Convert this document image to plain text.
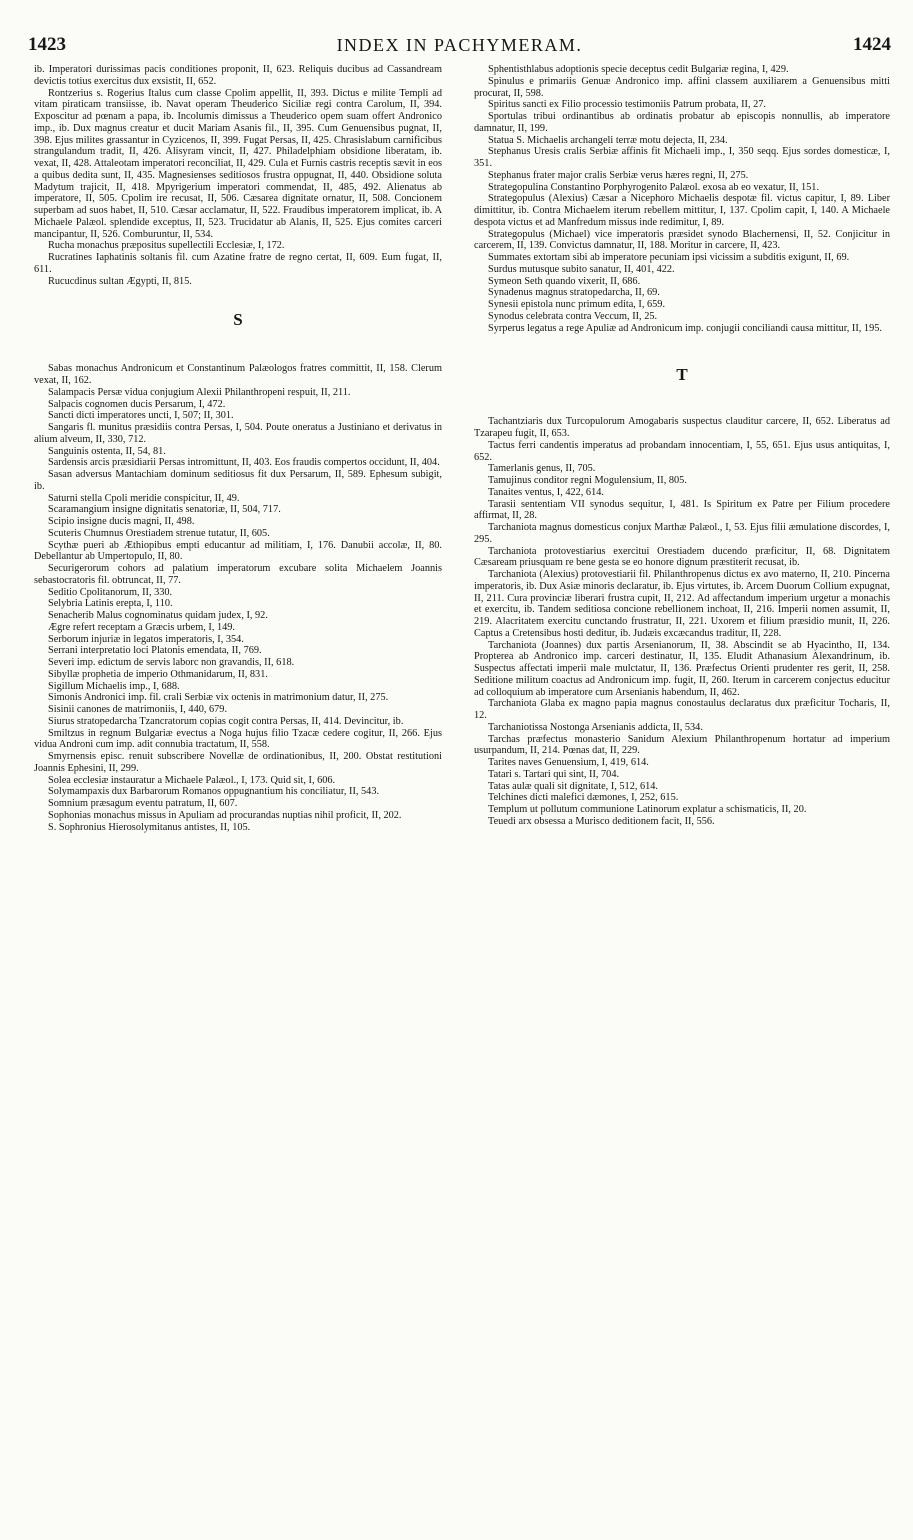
1423	INDEX IN PACHYMERAM.	1424

ib. Imperatori durissimas pacis conditiones proponit, II, 623. Reliquis ducibus ad Cassandream devictis totius exercitus dux exsistit, II, 652.

Rontzerius s. Rogerius Italus cum classe Cpolim appellit, II, 393. Dictus e milite Templi ad vitam piraticam transiisse, ib. Navat operam Theuderico Siciliæ regi contra Carolum, II, 394. Exposcitur ad pœnam a papa, ib. Incolumis dimissus a Theuderico opem suam offert Andronico imp., ib. Dux magnus creatur et ducit Mariam Asanis fil., II, 395. Cum Genuensibus pugnat, II, 398. Ejus milites grassantur in Cyzicenos, II, 399. Fugat Persas, II, 425. Chrasislabum carnificibus strangulandum tradit, II, 426. Alisyram vincit, II, 427. Philadelphiam obsidione liberatam, ib. vexat, II, 428. Attaleotam imperatori reconciliat, II, 429. Cula et Furnis castris receptis sævit in eos a quibus dedita sunt, II, 435. Magnesienses seditiosos frustra oppugnat, II, 440. Obsidione soluta Madytum trajicit, II, 418. Mpyrigerium imperatori commendat, II, 485, 492. Alienatus ab imperatore, II, 505. Cpolim ire recusat, II, 506. Cæsarea dignitate ornatur, II, 508. Concionem superbam ad suos habet, II, 510. Cæsar acclamatur, II, 522. Fraudibus imperatorem implicat, ib. A Michaele Palæol. splendide exceptus, II, 523. Trucidatur ab Alanis, II, 525. Ejus comites carceri mancipantur, II, 526. Comburuntur, II, 534.

Rucha monachus præpositus supellectili Ecclesiæ, I, 172.

Rucratines Iaphatinis soltanis fil. cum Azatine fratre de regno certat, II, 609. Eum fugat, II, 611.

Rucucdinus sultan Ægypti, II, 815.

S

Sabas monachus Andronicum et Constantinum Palæologos fratres committit, II, 158. Clerum vexat, II, 162.

Salampacis Persæ vidua conjugium Alexii Philanthropeni respuit, II, 211.

Salpacis cognomen ducis Persarum, I, 472.

Sancti dicti imperatores uncti, I, 507; II, 301.

Sangaris fl. munitus præsidiis contra Persas, I, 504. Poute oneratus a Justiniano et derivatus in alium alveum, II, 330, 712.

Sanguinis ostenta, II, 54, 81.

Sardensis arcis præsidiarii Persas intromittunt, II, 403. Eos fraudis compertos occidunt, II, 404.

Sasan adversus Mantachiam dominum seditiosus fit dux Persarum, II, 589. Ephesum subigit, ib.

Saturni stella Cpoli meridie conspicitur, II, 49.

Scaramangium insigne dignitatis senatoriæ, II, 504, 717.

Scipio insigne ducis magni, II, 498.

Scuteris Chumnus Orestiadem strenue tutatur, II, 605.

Scythæ pueri ab Æthiopibus empti educantur ad militiam, I, 176. Danubii accolæ, II, 80. Debellantur ab Umpertopulo, II, 80.

Securigerorum cohors ad palatium imperatorum excubare solita Michaelem Joannis sebastocratoris fil. obtruncat, II, 77.

Seditio Cpolitanorum, II, 330.

Selybria Latinis erepta, I, 110.

Senacherib Malus cognominatus quidam judex, I, 92.

Ægre refert receptam a Græcis urbem, I, 149.

Serborum injuriæ in legatos imperatoris, I, 354.

Serrani interpretatio loci Platonis emendata, II, 769.

Severi imp. edictum de servis laborc non gravandis, II, 618.

Sibyllæ prophetia de imperio Othmanidarum, II, 831.

Sigillum Michaelis imp., I, 688.

Simonis Andronici imp. fil. crali Serbiæ vix octenis in matrimonium datur, II, 275.

Sisinii canones de matrimoniis, I, 440, 679.

Siurus stratopedarcha Tzancratorum copias cogit contra Persas, II, 414. Devincitur, ib.

Smiltzus in regnum Bulgariæ evectus a Noga hujus filio Tzacæ cedere cogitur, II, 266. Ejus vidua Androni cum imp. adit connubia tractatum, II, 558.

Smyrnensis episc. renuit subscribere Novellæ de ordinationibus, II, 200. Obstat restitutioni Joannis Ephesini, II, 299.

Solea ecclesiæ instauratur a Michaele Palæol., I, 173. Quid sit, I, 606.

Solymampaxis dux Barbarorum Romanos oppugnantium his conciliatur, II, 543.

Somnium præsagum eventu patratum, II, 607.

Sophonias monachus missus in Apuliam ad procurandas nuptias nihil proficit, II, 202.

S. Sophronius Hierosolymitanus antistes, II, 105.

Sphentisthlabus adoptionis specie deceptus cedit Bulgariæ regina, I, 429.

Spinulus e primariis Genuæ Andronico imp. affini classem auxiliarem a Genuensibus mitti procurat, II, 598.

Spiritus sancti ex Filio processio testimoniis Patrum probata, II, 27.

Sportulas tribui ordinantibus ab ordinatis probatur ab episcopis nonnullis, ab imperatore damnatur, II, 199.

Statua S. Michaelis archangeli terræ motu dejecta, II, 234.

Stephanus Uresis cralis Serbiæ affinis fit Michaeli imp., I, 350 seqq. Ejus sordes domesticæ, I, 351.

Stephanus frater major cralis Serbiæ verus hæres regni, II, 275.

Strategopulina Constantino Porphyrogenito Palæol. exosa ab eo vexatur, II, 151.

Strategopulus (Alexius) Cæsar a Nicephoro Michaelis despotæ fil. victus capitur, I, 89. Liber dimittitur, ib. Contra Michaelem iterum rebellem mittitur, I, 137. Cpolim capit, I, 140. A Michaele despota victus et ad Manfredum missus inde redimitur, I, 89.

Strategopulus (Michael) vice imperatoris præsidet synodo Blachernensi, II, 52. Conjicitur in carcerem, II, 139. Convictus damnatur, II, 188. Moritur in carcere, II, 423.

Summates extortam sibi ab imperatore pecuniam ipsi vicissim a subditis exigunt, II, 69.

Surdus mutusque subito sanatur, II, 401, 422.

Symeon Seth quando vixerit, II, 686.

Synadenus magnus stratopedarcha, II, 69.

Synesii epistola nunc primum edita, I, 659.

Synodus celebrata contra Veccum, II, 25.

Syrperus legatus a rege Apuliæ ad Andronicum imp. conjugii conciliandi causa mittitur, II, 195.

T

Tachantziaris dux Turcopulorum Amogabaris suspectus clauditur carcere, II, 652. Liberatus ad Tzarapeu fugit, II, 653.

Tactus ferri candentis imperatus ad probandam innocentiam, I, 55, 651. Ejus usus antiquitas, I, 652.

Tamerlanis genus, II, 705.

Tamujinus conditor regni Mogulensium, II, 805.

Tanaites ventus, I, 422, 614.

Tarasii sententiam VII synodus sequitur, I, 481. Is Spiritum ex Patre per Filium procedere affirmat, II, 28.

Tarchaniota magnus domesticus conjux Marthæ Palæol., I, 53. Ejus filii æmulatione discordes, I, 295.

Tarchaniota protovestiarius exercitui Orestiadem ducendo præficitur, II, 68. Dignitatem Cæsaream priusquam re bene gesta se eo honore dignum præstiterit recusat, ib.

Tarchaniota (Alexius) protovestiarii fil. Philanthropenus dictus ex avo materno, II, 210. Pincerna imperatoris, ib. Dux Asiæ minoris declaratur, ib. Ejus virtutes, ib. Arcem Duorum Collium expugnat, II, 211. Cura provinciæ liberari frustra cupit, II, 212. Ad affectandum imperium urgetur a monachis et exercitu, ib. Tandem seditiosa concione rebellionem inchoat, II, 216. Imperii nomen assumit, II, 219. Alacritatem exercitu cunctando frustratur, II, 221. Uxorem et filium præsidio munit, II, 226. Captus a Cretensibus hosti deditur, ib. Judæis excæcandus traditur, II, 228.

Tarchaniota (Joannes) dux partis Arsenianorum, II, 38. Abscindit se ab Hyacintho, II, 134. Propterea ab Andronico imp. carceri destinatur, II, 135. Eludit Athanasium Alexandrinum, ib. Suspectus affectati imperii male mulctatur, II, 136. Præfectus Orienti prudenter res gerit, II, 258. Seditione militum coactus ad Andronicum imp. fugit, II, 260. Iterum in carcerem conjectus educitur ad colloquium ab imperatore cum Arsenianis habendum, II, 462.

Tarchaniota Glaba ex magno papia magnus conostaulus declaratus dux præficitur Tocharis, II, 12.

Tarchaniotissa Nostonga Arsenianis addicta, II, 534.

Tarchas præfectus monasterio Sanidum Alexium Philanthropenum hortatur ad imperium usurpandum, II, 214. Pœnas dat, II, 229.

Tarites naves Genuensium, I, 419, 614.

Tatari s. Tartari qui sint, II, 704.

Tatas aulæ quali sit dignitate, I, 512, 614.

Telchines dicti malefici dæmones, I, 252, 615.

Templum ut pollutum communione Latinorum explatur a schismaticis, II, 20.

Teuedi arx obsessa a Murisco deditionem facit, II, 556.
